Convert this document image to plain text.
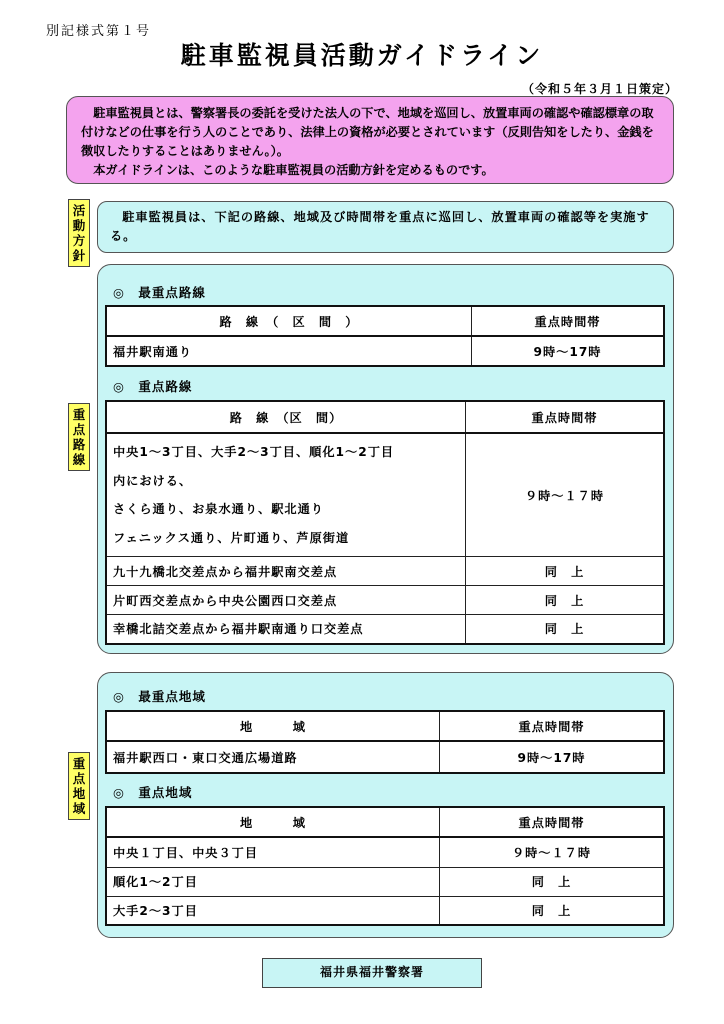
別記様式第１号
駐車監視員活動ガイドライン
（令和５年３月１日策定）

駐車監視員とは、警察署長の委託を受けた法人の下で、地域を巡回し、放置車両の確認や確認標章の取付けなどの仕事を行う人のことであり、法律上の資格が必要とされています（反則告知をしたり、金銭を徴収したりすることはありません。）。

本ガイドラインは、このような駐車監視員の活動方針を定めるものです。

活
動
方
針

駐車監視員は、下記の路線、地域及び時間帯を重点に巡回し、放置車両の確認等を実施する。

重
点
路
線
◎　最重点路線
路　線　（　区　間　）	重点時間帯
福井駅南通り	9時～17時
◎　重点路線
路　線　（区　間）	重点時間帯

中央1～3丁目、大手2～3丁目、順化1～2丁目
内における、
さくら通り、お泉水通り、駅北通り
フェニックス通り、片町通り、芦原街道	９時～１７時
九十九橋北交差点から福井駅南交差点	同　上
片町西交差点から中央公園西口交差点	同　上
幸橋北詰交差点から福井駅南通り口交差点	同　上
重
点
地
域
◎　最重点地域
地　　　域	重点時間帯
福井駅西口・東口交通広場道路	9時～17時
◎　重点地域
地　　　域	重点時間帯
中央１丁目、中央３丁目	９時～１７時
順化1～2丁目	同　上
大手2～3丁目	同　上
福井県福井警察署
